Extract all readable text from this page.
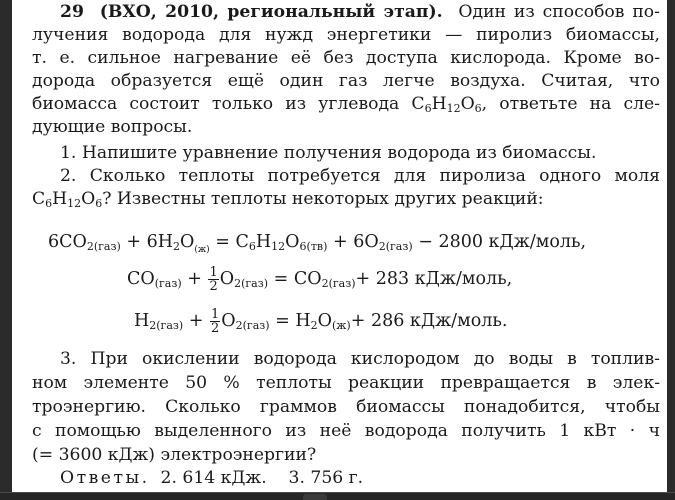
29 (ВХО, 2010, региональный этап). Один из способов по-
лучения водорода для нужд энергетики — пиролиз биомассы,
т. е. сильное нагревание её без доступа кислорода. Кроме во-
дорода образуется ещё один газ легче воздуха. Считая, что
биомасса состоит только из углевода $C_6H_{12}O_6$, ответьте на сле-
дующие вопросы.
1. Напишите уравнение получения водорода из биомассы.
2. Сколько теплоты потребуется для пиролиза одного моля
$C_6H_{12}O_6$? Известны теплоты некоторых других реакций:
$6CO_{2(газ)} + 6H_2O_{(ж)} = C_6H_{12}O_{6(тв)} + 6O_{2(газ)} - 2800$ кДж/моль,
$CO_{(газ)} + \frac{1}{2} O_{2(газ)} = CO_{2(газ)}+ 283$ кДж/моль,
$H_{2(газ)} + \frac{1}{2} O_{2(газ)} = H_2O_{(ж)}+ 286$ кДж/моль.
3. При окислении водорода кислородом до воды в топлив-
ном элементе 50 % теплоты реакции превращается в элек-
троэнергию. Сколько граммов биомассы понадобится, чтобы
с помощью выделенного из неё водорода получить 1 кВт · ч
(= 3600 кДж) электроэнергии?
Ответы. 2. 614 кДж. 3. 756 г.
